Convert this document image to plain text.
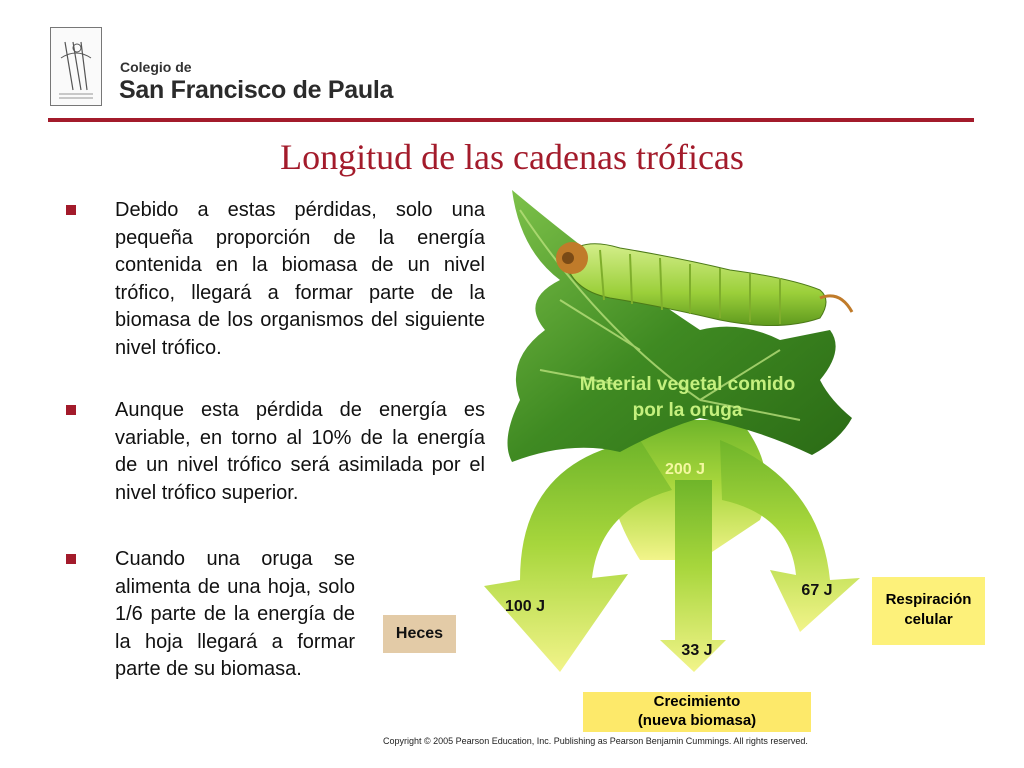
Colegio de
San Francisco de Paula
Longitud de las cadenas tróficas

Debido a estas pérdidas, solo una pequeña proporción de la energía contenida en la biomasa de un nivel trófico, llegará a formar parte de la biomasa de los organismos del siguiente nivel trófico.

Aunque esta pérdida de energía es variable, en torno al 10% de la energía de un nivel trófico será asimilada por el nivel trófico superior.

Cuando una oruga se alimenta de una hoja, solo 1/6 parte de la energía de la hoja llegará a formar parte de su biomasa.

Material vegetal comido
por la oruga
200 J
100 J
67 J
33 J
Heces
Respiración
celular
Crecimiento
(nueva biomasa)
Copyright © 2005 Pearson Education, Inc. Publishing as Pearson Benjamin Cummings. All rights reserved.
